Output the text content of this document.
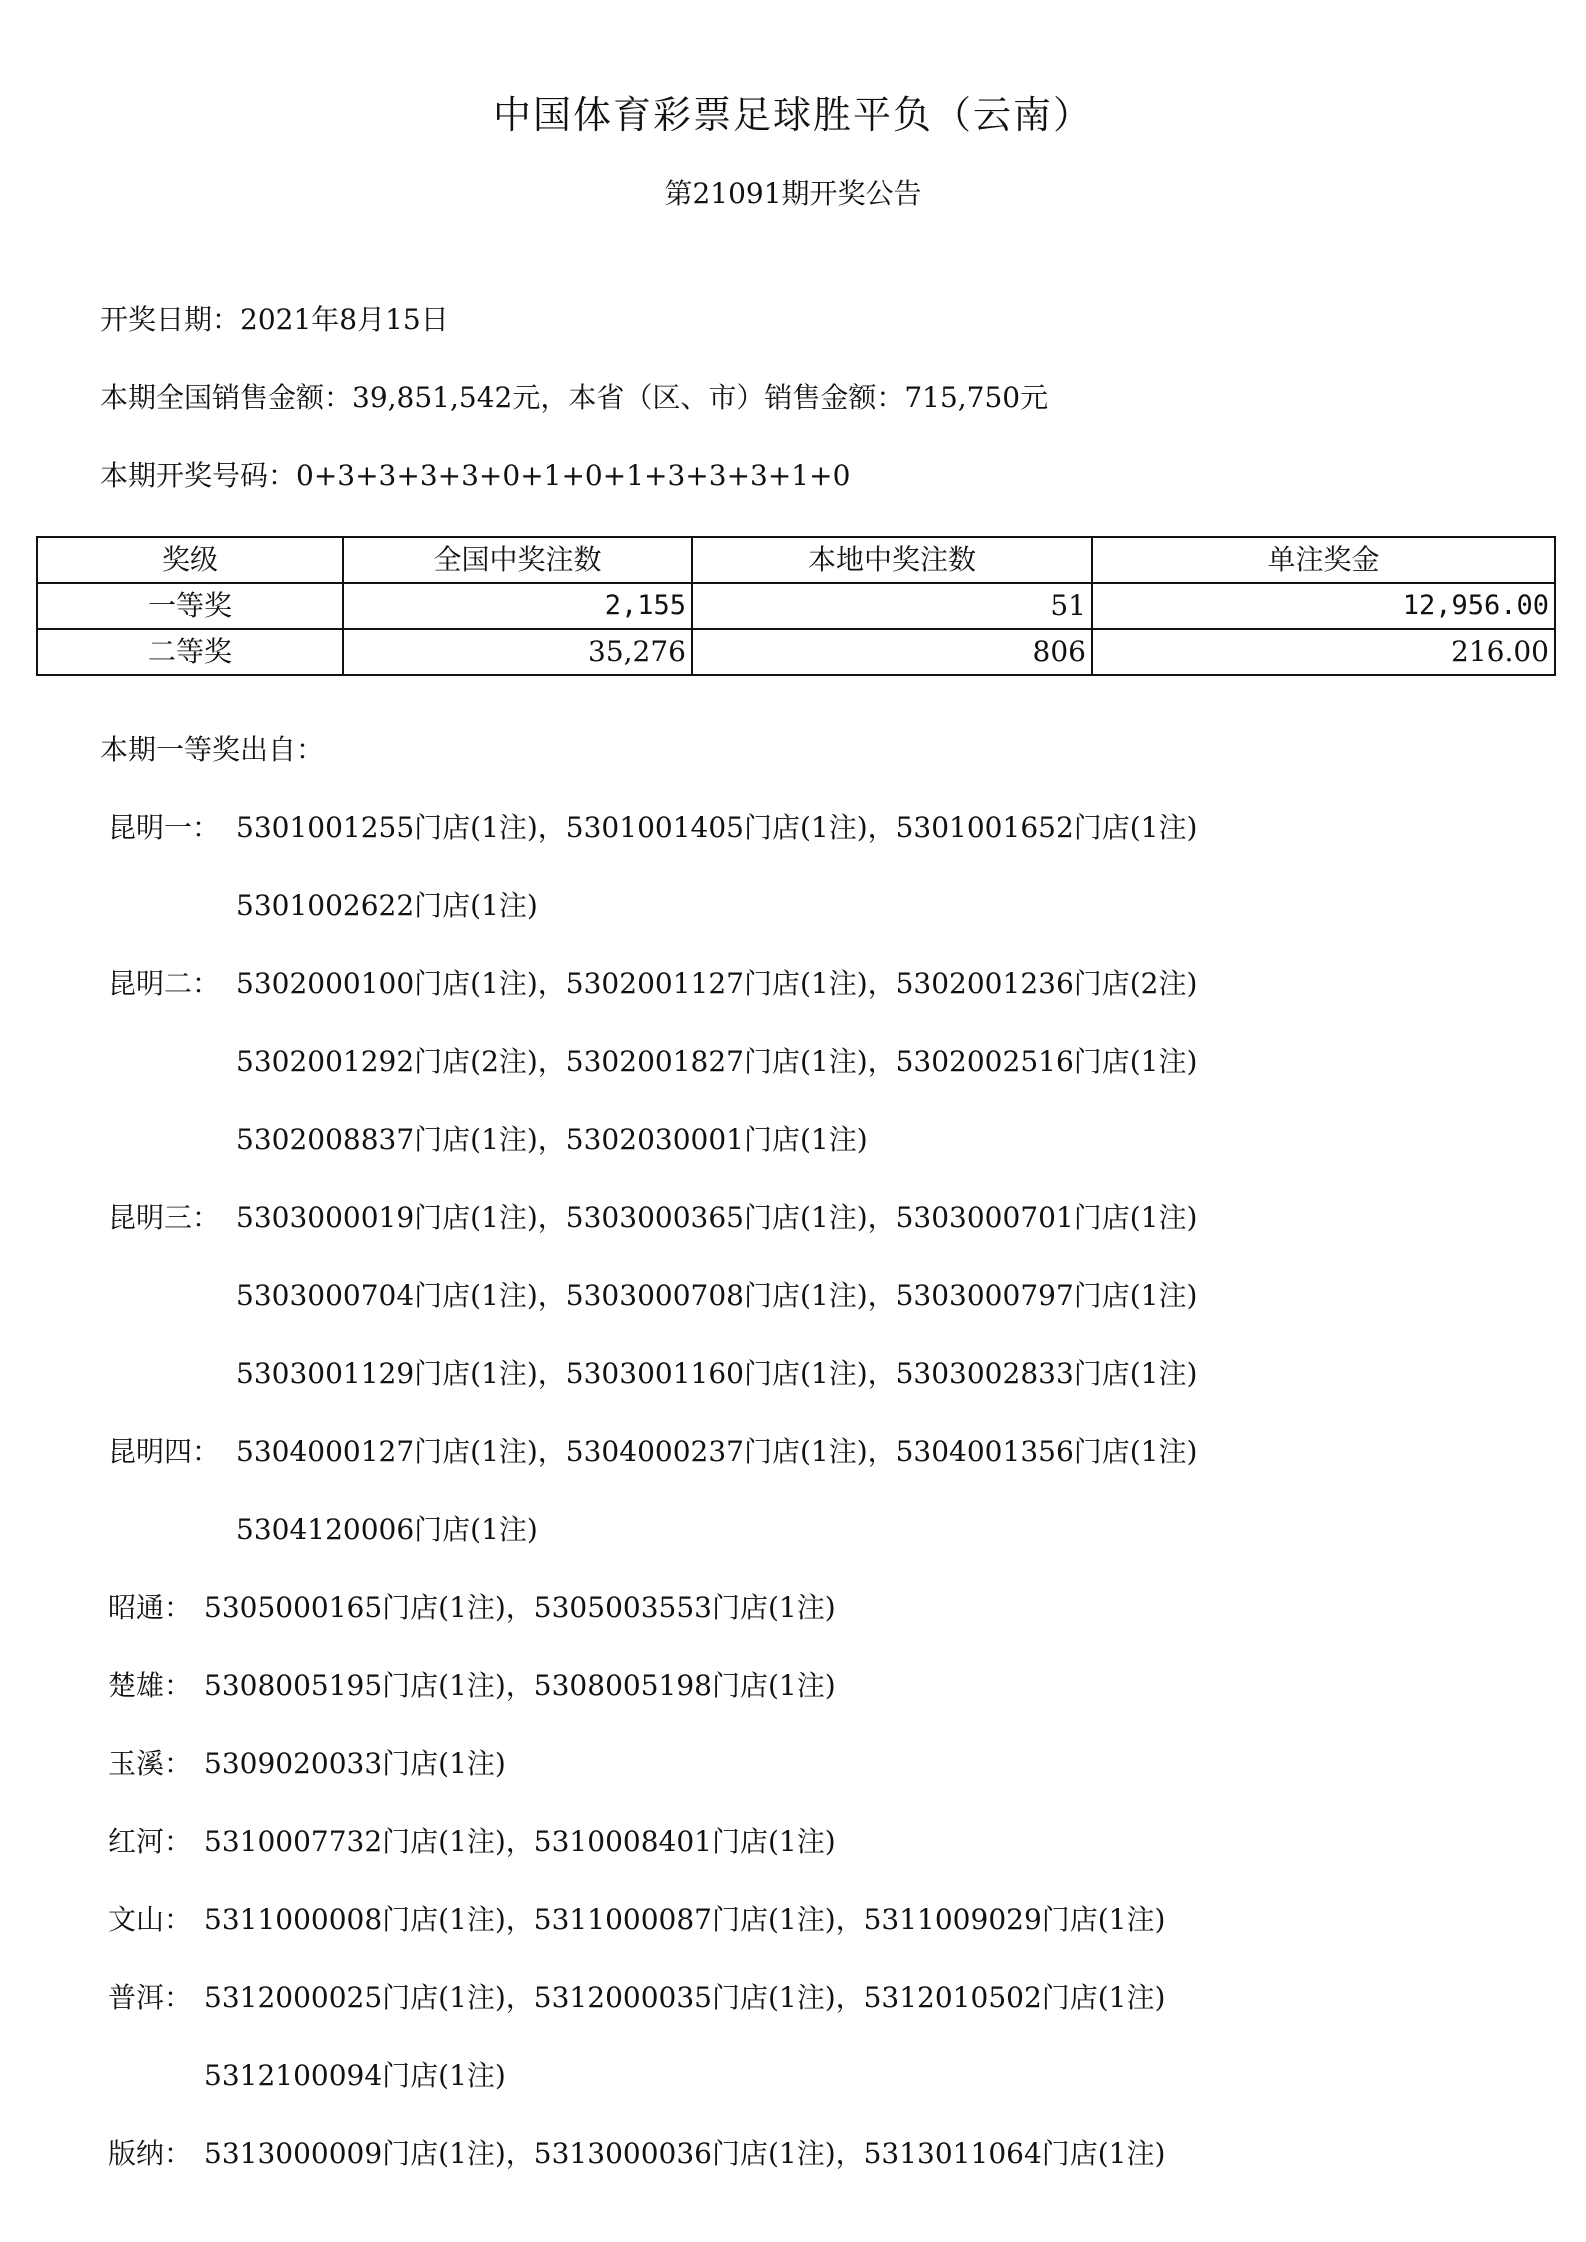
中国体育彩票足球胜平负（云南）
第21091期开奖公告
开奖日期：2021年8月15日
本期全国销售金额：39,851,542元，本省（区、市）销售金额：715,750元
本期开奖号码：0+3+3+3+3+0+1+0+1+3+3+3+1+0
奖级	全国中奖注数	本地中奖注数	单注奖金
一等奖	2,155	51	12,956.00
二等奖	35,276	806	216.00
本期一等奖出自：
昆明一： 5301001255门店(1注)，5301001405门店(1注)，5301001652门店(1注)
5301002622门店(1注)
昆明二： 5302000100门店(1注)，5302001127门店(1注)，5302001236门店(2注)
5302001292门店(2注)，5302001827门店(1注)，5302002516门店(1注)
5302008837门店(1注)，5302030001门店(1注)
昆明三： 5303000019门店(1注)，5303000365门店(1注)，5303000701门店(1注)
5303000704门店(1注)，5303000708门店(1注)，5303000797门店(1注)
5303001129门店(1注)，5303001160门店(1注)，5303002833门店(1注)
昆明四： 5304000127门店(1注)，5304000237门店(1注)，5304001356门店(1注)
5304120006门店(1注)
昭通： 5305000165门店(1注)，5305003553门店(1注)
楚雄： 5308005195门店(1注)，5308005198门店(1注)
玉溪： 5309020033门店(1注)
红河： 5310007732门店(1注)，5310008401门店(1注)
文山： 5311000008门店(1注)，5311000087门店(1注)，5311009029门店(1注)
普洱： 5312000025门店(1注)，5312000035门店(1注)，5312010502门店(1注)
5312100094门店(1注)
版纳： 5313000009门店(1注)，5313000036门店(1注)，5313011064门店(1注)
